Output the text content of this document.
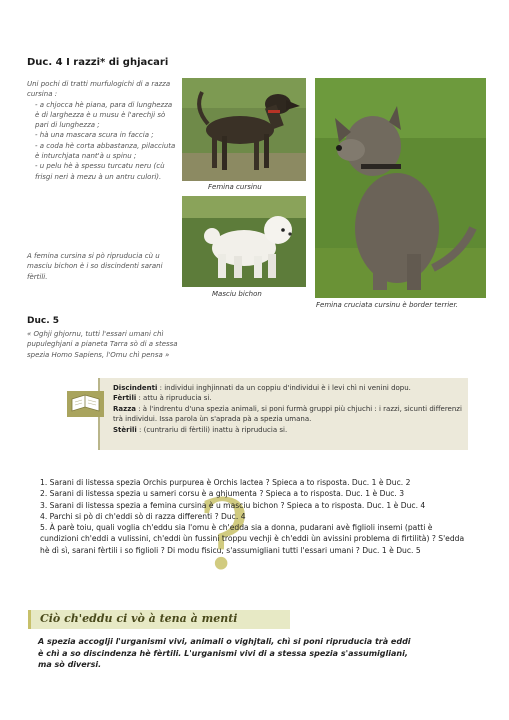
Duc. 4 I razzi* di ghjacari

Uni pochi di tratti murfulogichi di a razza cursina :

- a chjocca hè piana, para di lunghezza è di larghezza è u musu è l'arechji sò pari di lunghezza ;

- hà una mascara scura in faccia ;

- a coda hè corta abbastanza, pilacciuta è inturchjata nant'à u spinu ;

- u pelu hè à spessu turcatu neru (cù frisgi neri à mezu à un antru culori).

Femina cursinu
Masciu bichon
Femina cruciata cursinu è border terrier.
A femina cursina si pò ripruducia cù u masciu bichon è i so discindenti sarani fèrtili.
Duc. 5
« Oghji ghjornu, tutti l'essari umani chì pupuleghjani a pianeta Tarra sò di a stessa spezia Homo Sapiens, l'Omu chì pensa »

Discindenti : individui inghjinnati da un coppiu d'individui è i levi chì ni venini dopu.

Fèrtili : attu à ripruducia si.

Razza : à l'indrentu d'una spezia animali, si poni furmà gruppi più chjuchi : i razzi, sicunti differenzi trà individui. Issa parola ùn s'aprada pà a spezia umana.

Stèrili : (cuntrariu di fèrtili) inattu à ripruducia si.

?

1. Sarani di listessa spezia Orchis purpurea è Orchis lactea ? Spieca a to risposta. Duc. 1 è Duc. 2

2. Sarani di listessa spezia u sameri corsu è a ghjumenta ? Spieca a to risposta. Duc. 1 è Duc. 3

3. Sarani di listessa spezia a femina cursina è u masciu bichon ? Spieca a to risposta. Duc. 1 è Duc. 4

4. Parchi si pò di ch'eddi sò di razza differenti ? Duc. 4

5. À parè toiu, quali voglia ch'eddu sia l'omu è ch'edda sia a donna, pudarani avè figlioli insemi (patti è cundizioni ch'eddi a vulissini, ch'eddi ùn fussini troppu vechji è ch'eddi ùn avissini problema di firtilità) ? S'edda hè dì sì, sarani fèrtili i so figlioli ? Di modu fisicu, s'assumigliani tutti l'essari umani ? Duc. 1 è Duc. 5

Ciò ch'eddu ci vò à tena à menti
A spezia accoglji l'urganismi vivi, animali o vighjtali, chì si poni ripruducia trà eddi è chì a so discindenza hè fèrtili. L'urganismi vivi di a stessa spezia s'assumigliani, ma sò diversi.
